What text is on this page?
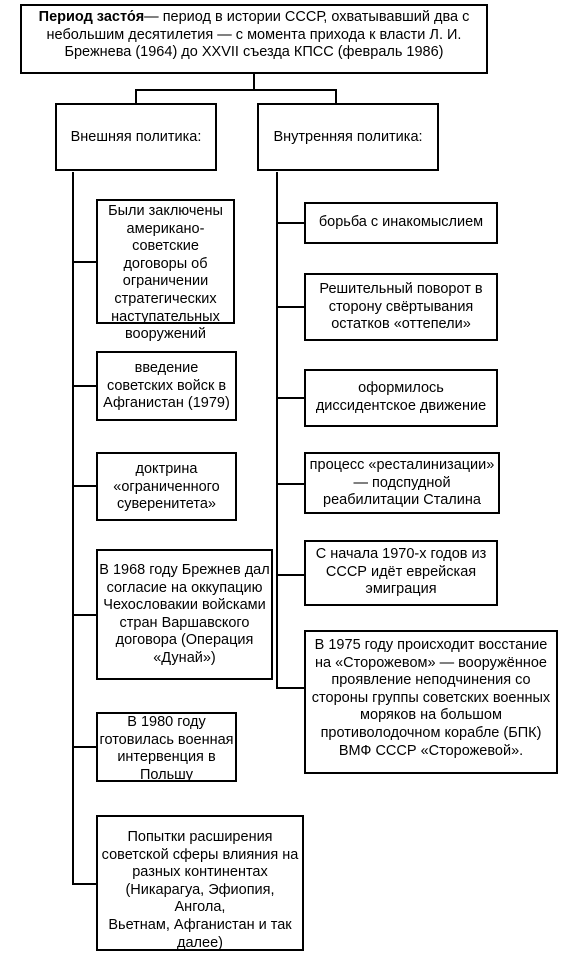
Период засто́я— период в истории СССР, охватывавший два с небольшим десятилетия — с момента прихода к власти Л. И. Брежнева (1964) до XXVII съезда КПСС (февраль 1986)
Внешняя политика:	Внутренняя политика:
Были заключены
американо-советские
договоры об
ограничении
стратегических
наступательных
вооружений
введение
советских войск в
Афганистан (1979)
доктрина
«ограниченного
суверенитета»
В 1968 году Брежнев дал
согласие на оккупацию
Чехословакии войсками
стран Варшавского
договора (Операция
«Дунай»)
В 1980 году
готовилась военная
интервенция в
Польшу
Попытки расширения
советской сферы влияния на
разных континентах
(Никарагуа, Эфиопия, Ангола,
Вьетнам, Афганистан и так
далее)
борьба с инакомыслием
Решительный поворот в
сторону свёртывания
остатков «оттепели»
оформилось
диссидентское движение
процесс «ресталинизации»
— подспудной
реабилитации Сталина
С начала 1970-х годов из
СССР идёт еврейская
эмиграция
В 1975 году происходит восстание
на «Сторожевом» — вооружённое
проявление неподчинения со
стороны группы советских военных
моряков на большом
противолодочном корабле (БПК)
ВМФ СССР «Сторожевой».
